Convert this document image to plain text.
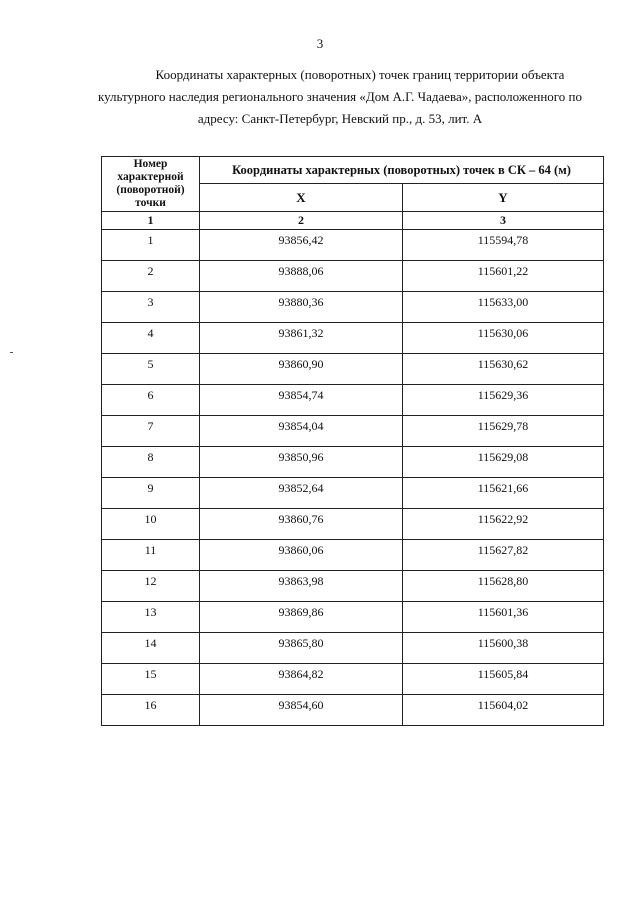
3
Координаты характерных (поворотных) точек границ территории объекта
культурного наследия регионального значения «Дом А.Г. Чадаева», расположенного по
адресу: Санкт-Петербург, Невский пр., д. 53, лит. А
Номер характерной (поворотной) точки	Координаты характерных (поворотных) точек в СК – 64 (м)	
	X	Y
1	2	3
1	93856,42	115594,78
2	93888,06	115601,22
3	93880,36	115633,00
4	93861,32	115630,06
5	93860,90	115630,62
6	93854,74	115629,36
7	93854,04	115629,78
8	93850,96	115629,08
9	93852,64	115621,66
10	93860,76	115622,92
11	93860,06	115627,82
12	93863,98	115628,80
13	93869,86	115601,36
14	93865,80	115600,38
15	93864,82	115605,84
16	93854,60	115604,02
